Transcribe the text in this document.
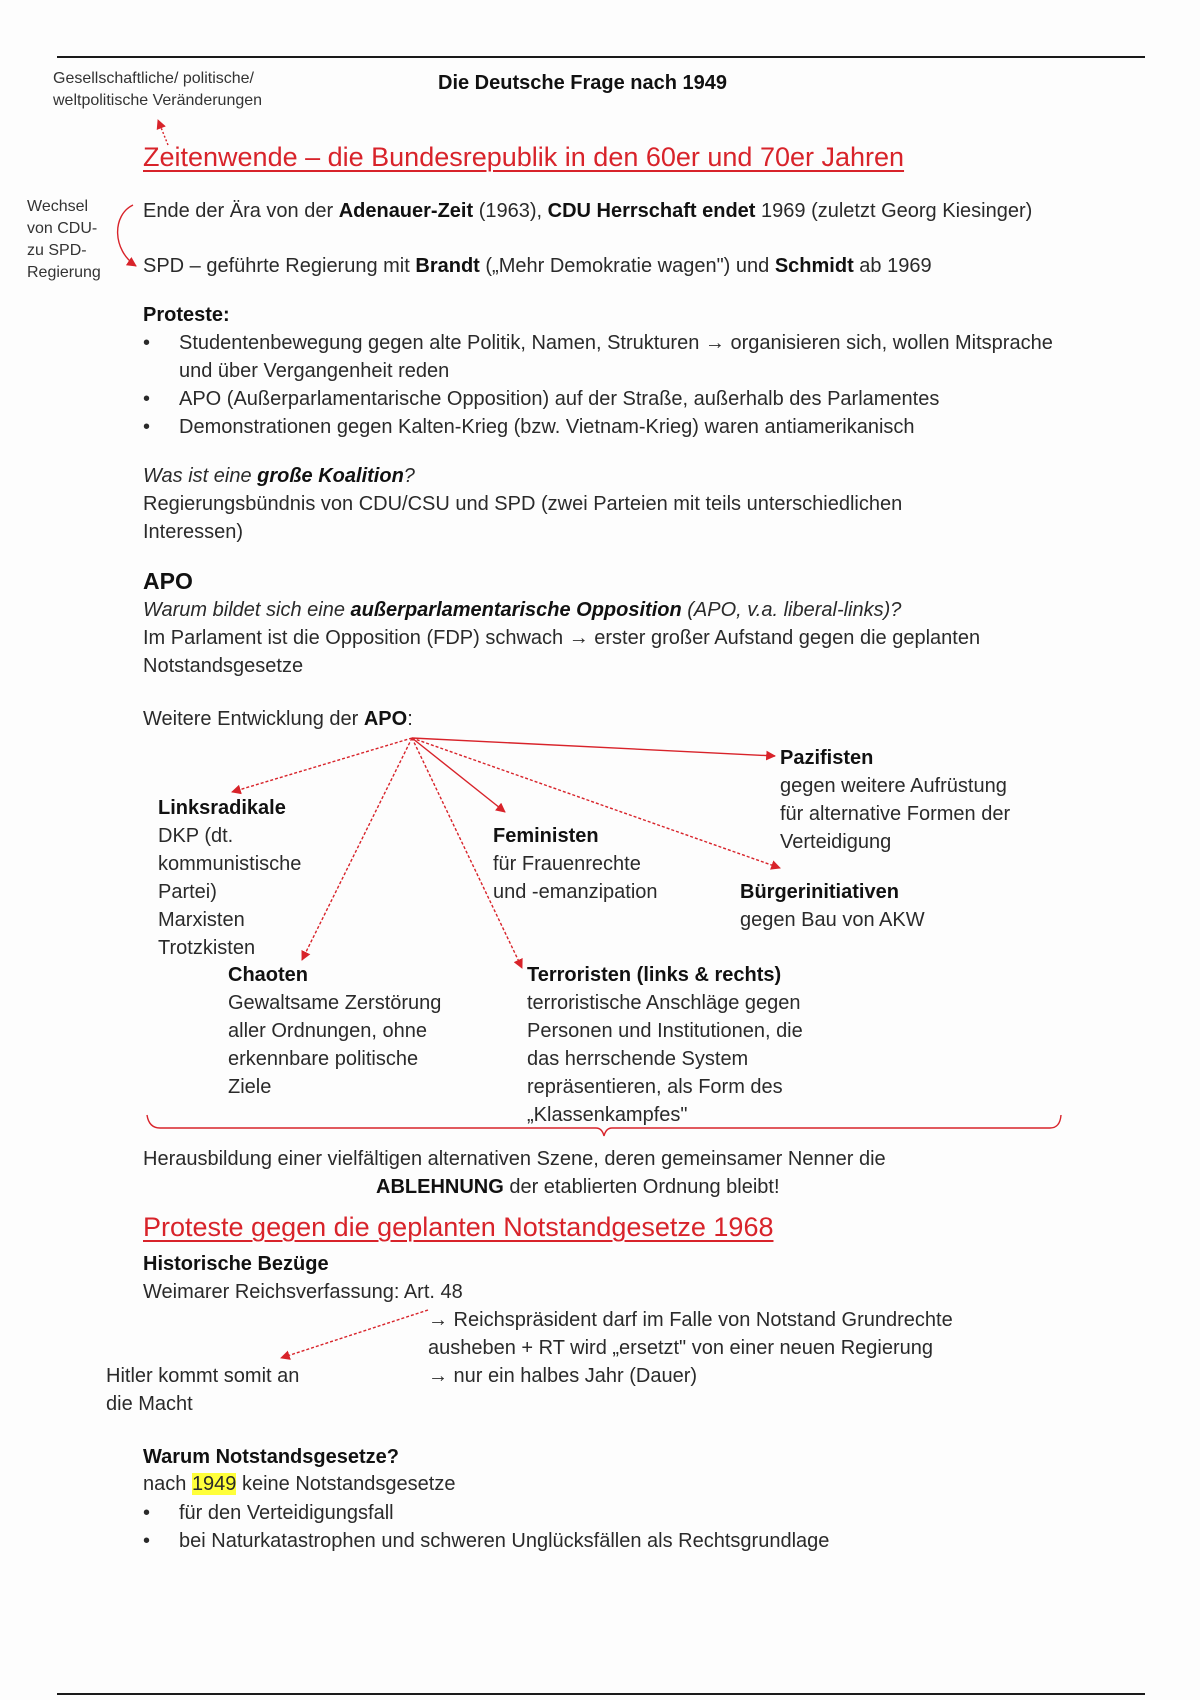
Gesellschaftliche/ politische/
weltpolitische Veränderungen
Die Deutsche Frage nach 1949
Zeitenwende – die Bundesrepublik in den 60er und 70er Jahren
Wechsel
von CDU-
zu SPD-
Regierung
Ende der Ära von der Adenauer-Zeit (1963), CDU Herrschaft endet 1969 (zuletzt Georg Kiesinger)
SPD – geführte Regierung mit Brandt („Mehr Demokratie wagen") und Schmidt ab 1969
Proteste:
• Studentenbewegung gegen alte Politik, Namen, Strukturen → organisieren sich, wollen Mitsprache und über Vergangenheit reden
• APO (Außerparlamentarische Opposition) auf der Straße, außerhalb des Parlamentes
• Demonstrationen gegen Kalten-Krieg (bzw. Vietnam-Krieg) waren antiamerikanisch
Was ist eine große Koalition?
Regierungsbündnis von CDU/CSU und SPD (zwei Parteien mit teils unterschiedlichen Interessen)
APO
Warum bildet sich eine außerparlamentarische Opposition (APO, v.a. liberal-links)?
Im Parlament ist die Opposition (FDP) schwach → erster großer Aufstand gegen die geplanten Notstandsgesetze
Weitere Entwicklung der APO:
Linksradikale
DKP (dt.
kommunistische
Partei)
Marxisten
Trotzkisten
Feministen
für Frauenrechte
und -emanzipation
Pazifisten
gegen weitere Aufrüstung
für alternative Formen der
Verteidigung
Bürgerinitiativen
gegen Bau von AKW
Chaoten
Gewaltsame Zerstörung
aller Ordnungen, ohne
erkennbare politische
Ziele
Terroristen (links & rechts)
terroristische Anschläge gegen
Personen und Institutionen, die
das herrschende System
repräsentieren, als Form des
„Klassenkampfes"
Herausbildung einer vielfältigen alternativen Szene, deren gemeinsamer Nenner die
ABLEHNUNG der etablierten Ordnung bleibt!
Proteste gegen die geplanten Notstandgesetze 1968
Historische Bezüge
Weimarer Reichsverfassung: Art. 48
→ Reichspräsident darf im Falle von Notstand Grundrechte
ausheben + RT wird „ersetzt" von einer neuen Regierung
→ nur ein halbes Jahr (Dauer)
Hitler kommt somit an
die Macht
Warum Notstandsgesetze?
nach 1949 keine Notstandsgesetze
• für den Verteidigungsfall
• bei Naturkatastrophen und schweren Unglücksfällen als Rechtsgrundlage
